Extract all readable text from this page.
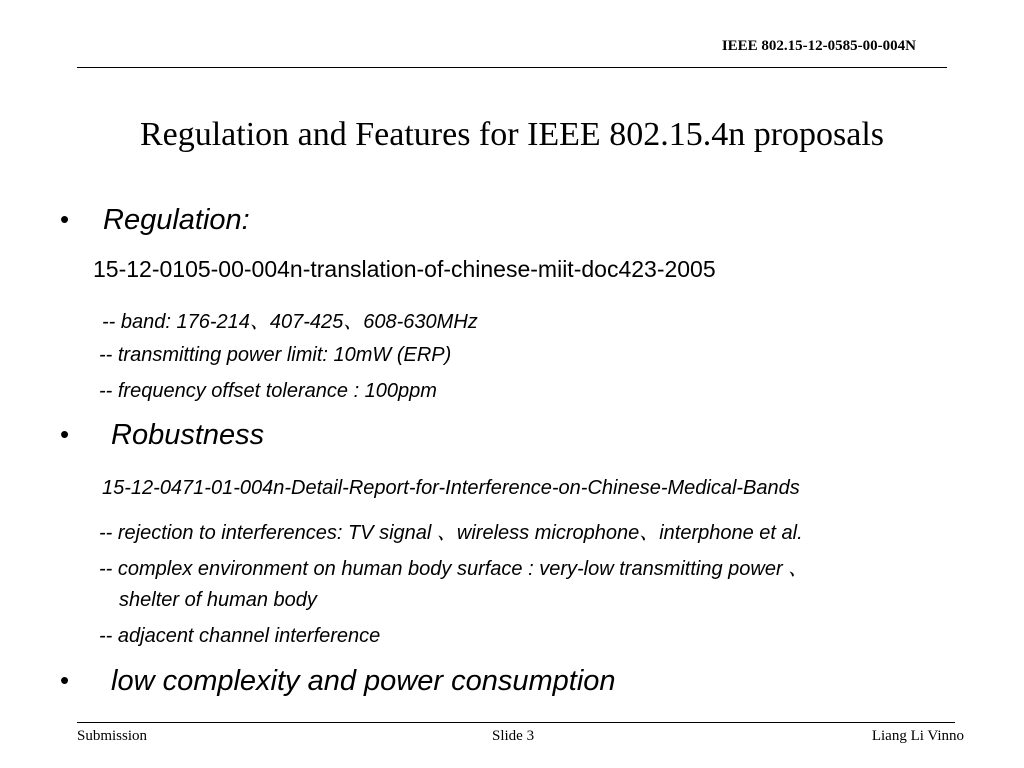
IEEE 802.15-12-0585-00-004N
Regulation and Features for IEEE 802.15.4n proposals
• Regulation:
15-12-0105-00-004n-translation-of-chinese-miit-doc423-2005
-- band: 176-214、407-425、608-630MHz
-- transmitting power limit: 10mW (ERP)
-- frequency offset tolerance : 100ppm
• Robustness
15-12-0471-01-004n-Detail-Report-for-Interference-on-Chinese-Medical-Bands
-- rejection to interferences: TV signal 、wireless microphone、interphone et al.
-- complex environment on human body surface : very-low transmitting power 、
shelter of human body
-- adjacent channel interference
• low complexity and power consumption
Submission	Slide 3	Liang Li Vinno
